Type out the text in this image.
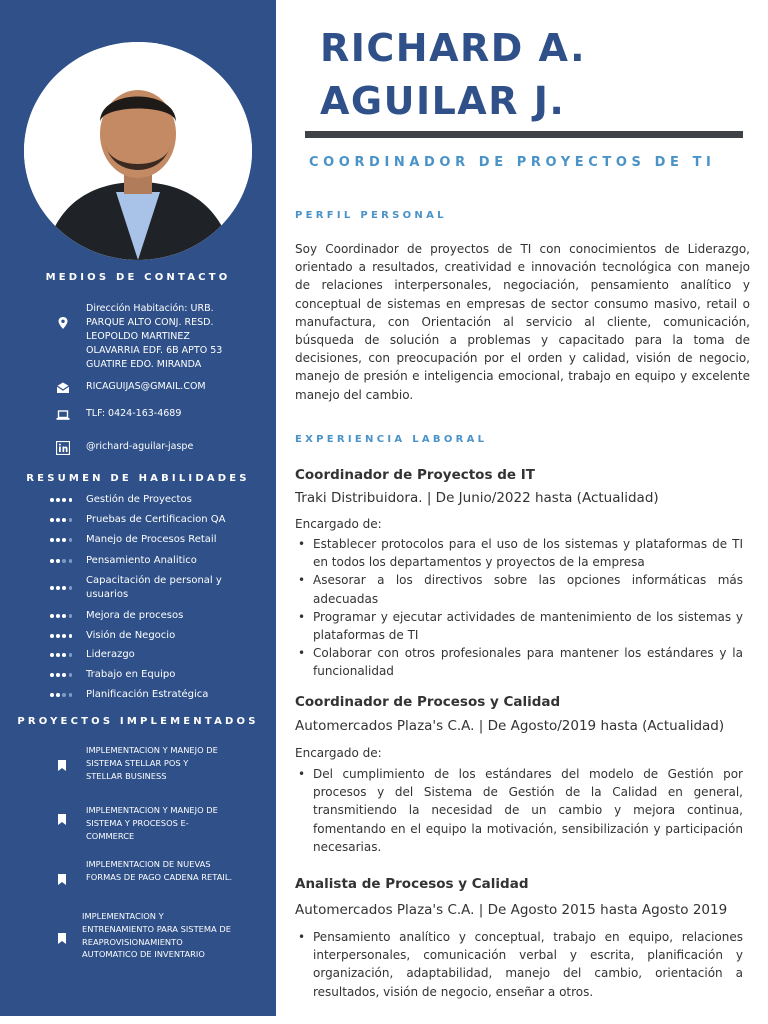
MEDIOS DE CONTACTO
Dirección Habitación: URB. PARQUE ALTO CONJ. RESD. LEOPOLDO MARTINEZ OLAVARRIA EDF. 6B APTO 53 GUATIRE EDO. MIRANDA
RICAGUIJAS@GMAIL.COM
TLF: 0424-163-4689
@richard-aguilar-jaspe
RESUMEN DE HABILIDADES
Gestión de Proyectos
Pruebas de Certificacion QA
Manejo de Procesos Retail
Pensamiento Analitico
Capacitación de personal y usuarios
Mejora de procesos
Visión de Negocio
Liderazgo
Trabajo en Equipo
Planificación Estratégica
PROYECTOS IMPLEMENTADOS
IMPLEMENTACION Y MANEJO DE SISTEMA STELLAR POS Y STELLAR BUSINESS
IMPLEMENTACION Y MANEJO DE SISTEMA Y PROCESOS E-COMMERCE
IMPLEMENTACION DE NUEVAS FORMAS DE PAGO CADENA RETAIL.
IMPLEMENTACION Y ENTRENAMIENTO PARA SISTEMA DE REAPROVISIONAMIENTO AUTOMATICO DE INVENTARIO
RICHARD A.
AGUILAR J.
COORDINADOR DE PROYECTOS DE TI
PERFIL PERSONAL
Soy Coordinador de proyectos de TI con conocimientos de Liderazgo, orientado a resultados, creatividad e innovación tecnológica con manejo de relaciones interpersonales, negociación, pensamiento analítico y conceptual de sistemas en empresas de sector consumo masivo, retail o manufactura, con Orientación al servicio al cliente, comunicación, búsqueda de solución a problemas y capacitado para la toma de decisiones, con preocupación por el orden y calidad, visión de negocio, manejo de presión e inteligencia emocional, trabajo en equipo y excelente manejo del cambio.
EXPERIENCIA LABORAL
Coordinador de Proyectos de IT
Traki Distribuidora. | De Junio/2022 hasta (Actualidad)
Encargado de:
• Establecer protocolos para el uso de los sistemas y plataformas de TI en todos los departamentos y proyectos de la empresa
• Asesorar a los directivos sobre las opciones informáticas más adecuadas
• Programar y ejecutar actividades de mantenimiento de los sistemas y plataformas de TI
• Colaborar con otros profesionales para mantener los estándares y la funcionalidad
Coordinador de Procesos y Calidad
Automercados Plaza's C.A. | De Agosto/2019 hasta (Actualidad)
Encargado de:
• Del cumplimiento de los estándares del modelo de Gestión por procesos y del Sistema de Gestión de la Calidad en general, transmitiendo la necesidad de un cambio y mejora continua, fomentando en el equipo la motivación, sensibilización y participación necesarias.
Analista de Procesos y Calidad
Automercados Plaza's C.A. | De Agosto 2015 hasta Agosto 2019
• Pensamiento analítico y conceptual, trabajo en equipo, relaciones interpersonales, comunicación verbal y escrita, planificación y organización, adaptabilidad, manejo del cambio, orientación a resultados, visión de negocio, enseñar a otros.
